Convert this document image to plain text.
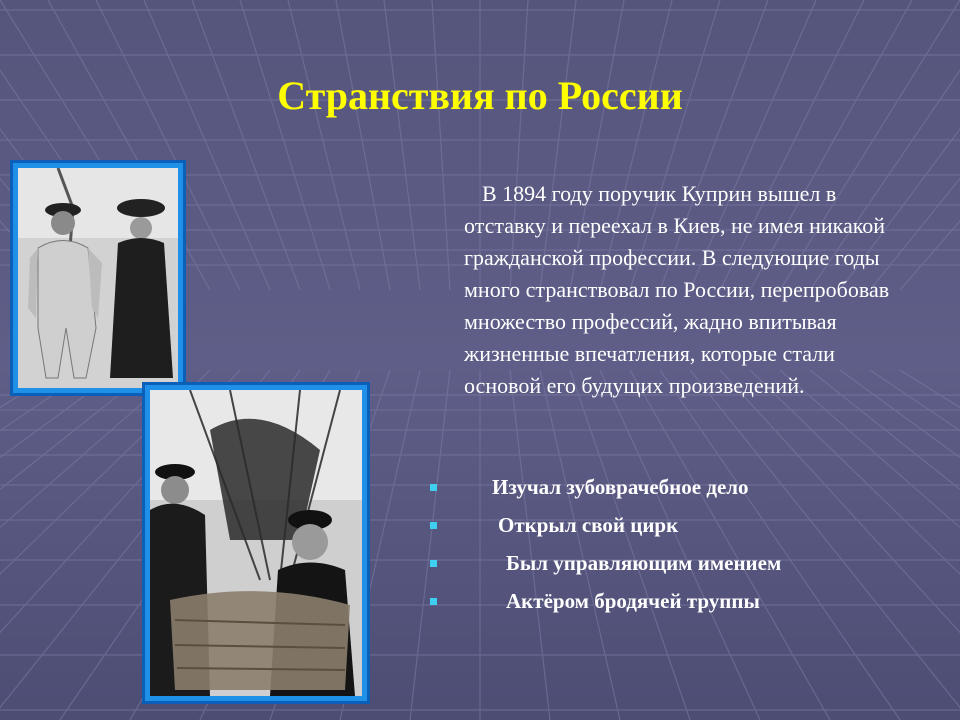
Странствия по России
В 1894 году поручик Куприн вышел в отставку и переехал в Киев, не имея никакой гражданской профессии. В следующие годы много странствовал по России, перепробовав множество профессий, жадно впитывая жизненные впечатления, которые стали основой его будущих произведений.
Изучал зубоврачебное дело
Открыл свой цирк
Был управляющим имением
Актёром бродячей труппы
